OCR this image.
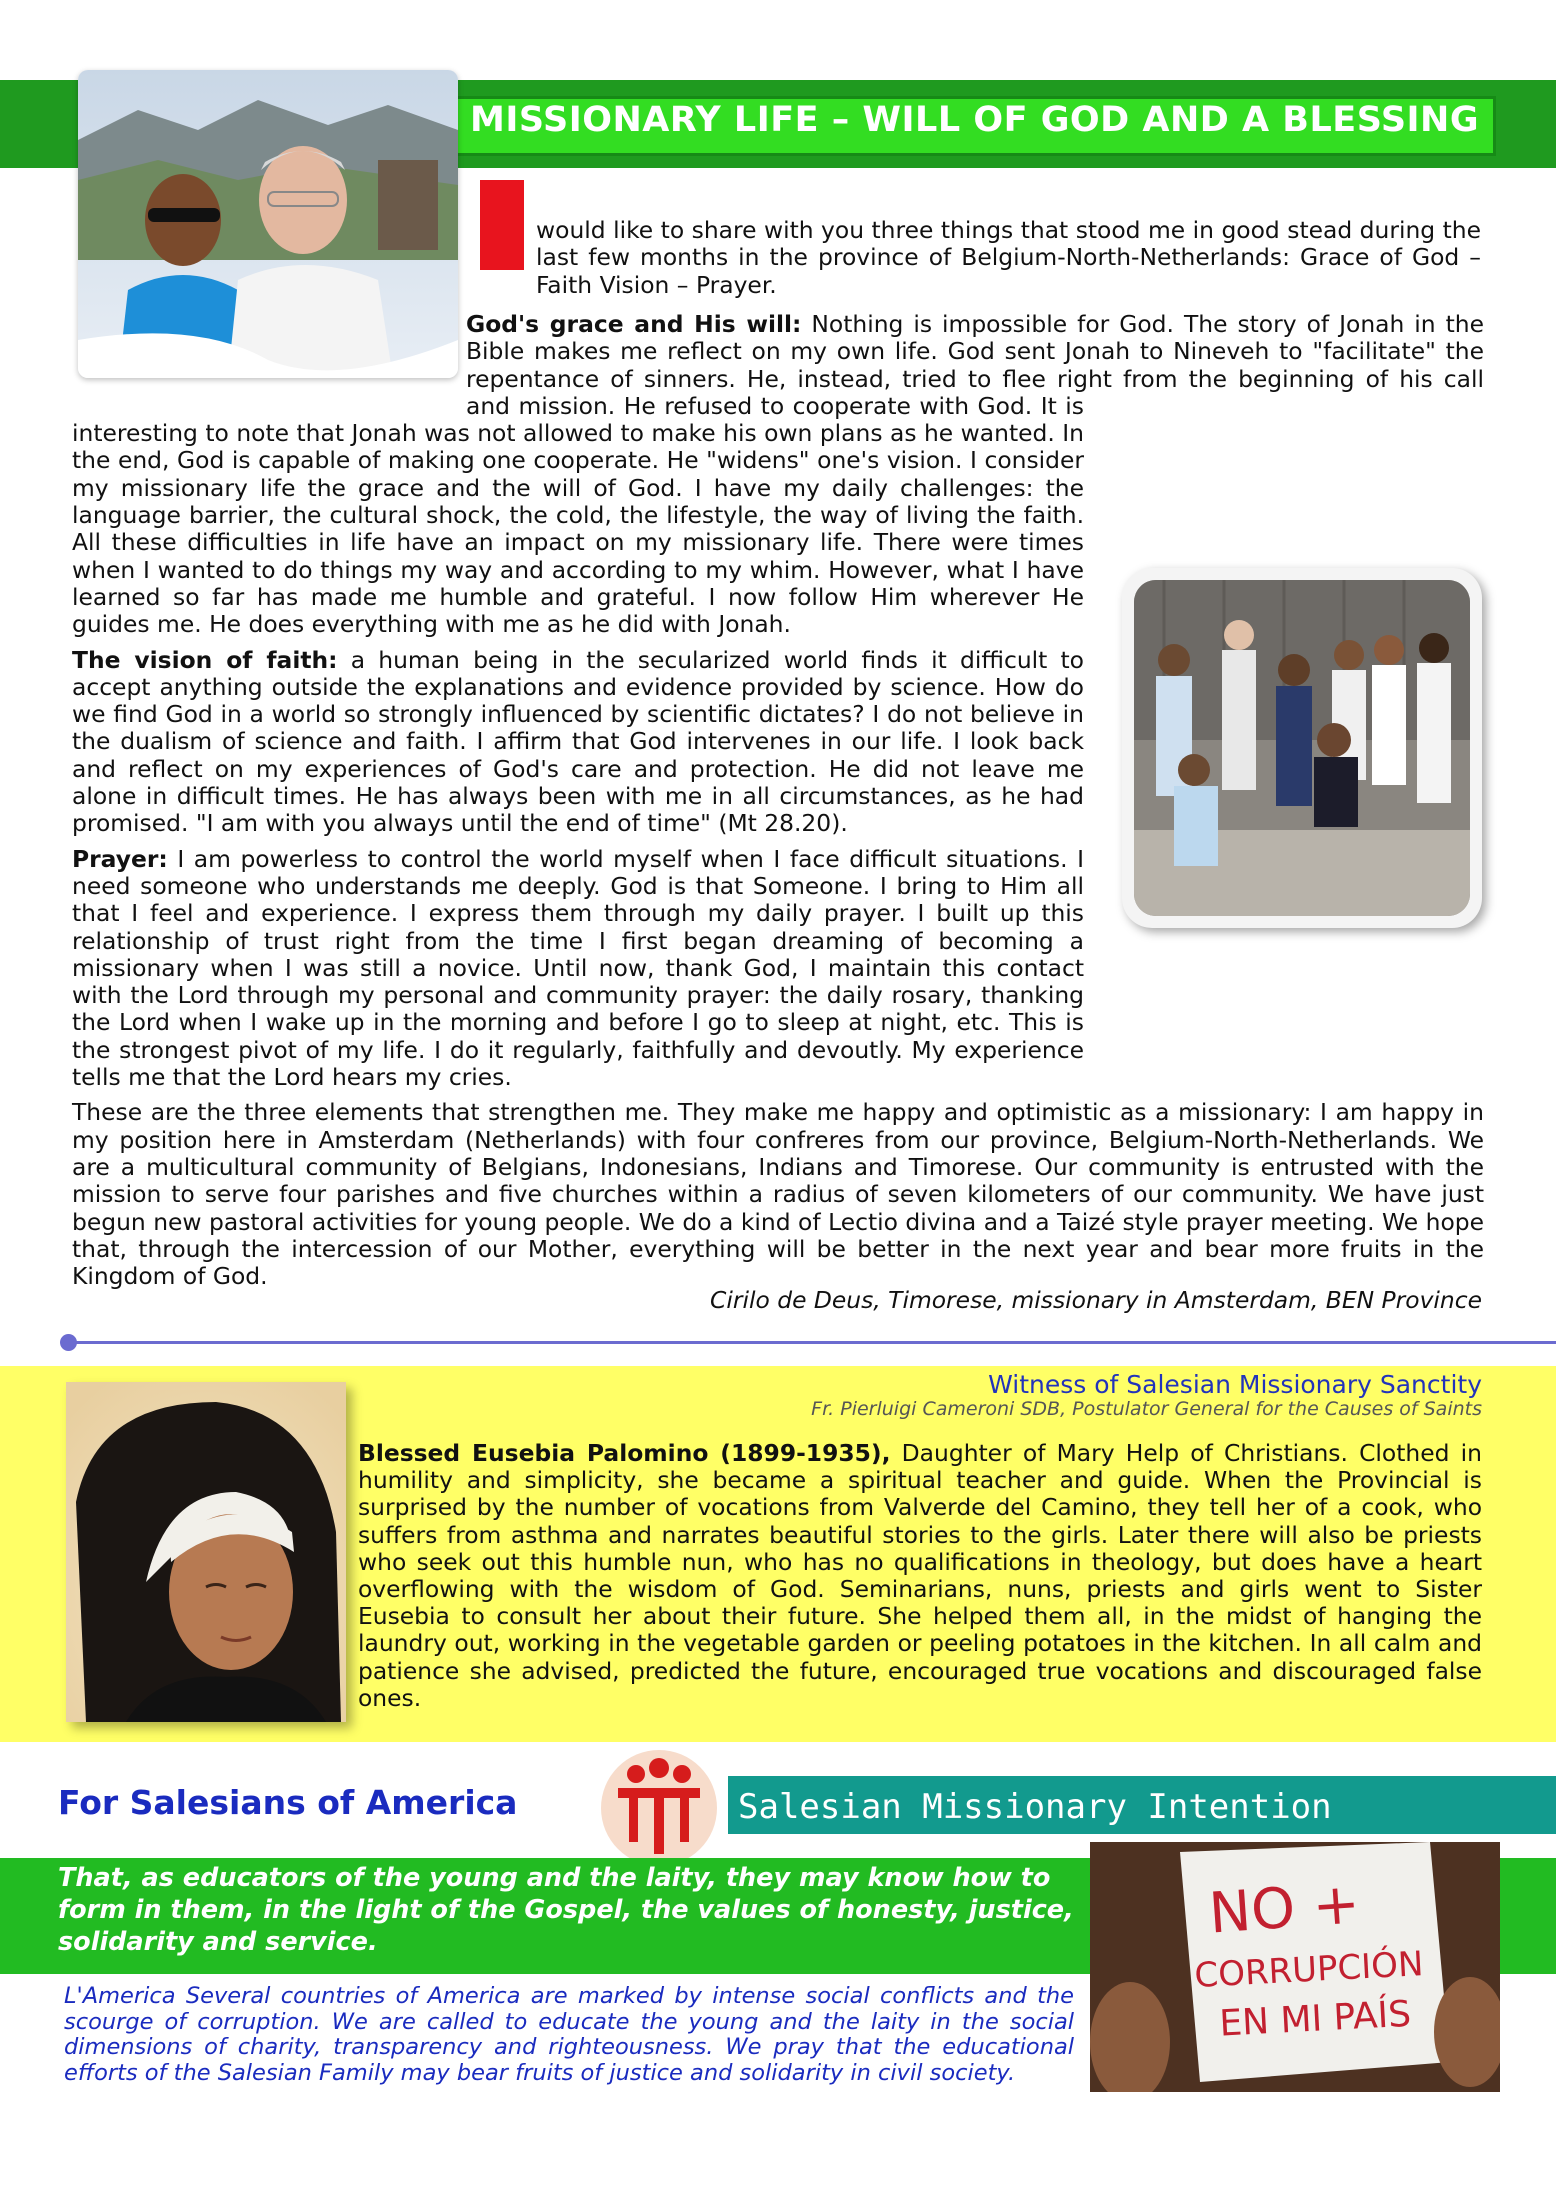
MISSIONARY LIFE – WILL OF GOD AND A BLESSING
would like to share with you three things that stood me in good stead during the last few months in the province of Belgium-North-Netherlands: Grace of God – Faith Vision – Prayer.

God's grace and His will: Nothing is impossible for God. The story of Jonah in the Bible makes me reflect on my own life. God sent Jonah to Nineveh to "facilitate" the repentance of sinners. He, instead, tried to flee right from the beginning of his call and mission. He refused to cooperate with God. It is interesting to note that Jonah was not allowed to make his own plans as he wanted. In the end, God is capable of making one cooperate. He "widens" one's vision. I consider my missionary life the grace and the will of God. I have my daily challenges: the language barrier, the cultural shock, the cold, the lifestyle, the way of living the faith. All these difficulties in life have an impact on my missionary life. There were times when I wanted to do things my way and according to my whim. However, what I have learned so far has made me humble and grateful. I now follow Him wherever He guides me. He does everything with me as he did with Jonah.

The vision of faith: a human being in the secularized world finds it difficult to accept anything outside the explanations and evidence provided by science. How do we find God in a world so strongly influenced by scientific dictates? I do not believe in the dualism of science and faith. I affirm that God intervenes in our life. I look back and reflect on my experiences of God's care and protection. He did not leave me alone in difficult times. He has always been with me in all circumstances, as he had promised. "I am with you always until the end of time" (Mt 28.20).

Prayer: I am powerless to control the world myself when I face difficult situations. I need someone who understands me deeply. God is that Someone. I bring to Him all that I feel and experience. I express them through my daily prayer. I built up this relationship of trust right from the time I first began dreaming of becoming a missionary when I was still a novice. Until now, thank God, I maintain this contact with the Lord through my personal and community prayer: the daily rosary, thanking the Lord when I wake up in the morning and before I go to sleep at night, etc. This is the strongest pivot of my life. I do it regularly, faithfully and devoutly. My experience tells me that the Lord hears my cries.

These are the three elements that strengthen me. They make me happy and optimistic as a missionary: I am happy in my position here in Amsterdam (Netherlands) with four confreres from our province, Belgium-North-Netherlands. We are a multicultural community of Belgians, Indonesians, Indians and Timorese. Our community is entrusted with the mission to serve four parishes and five churches within a radius of seven kilometers of our community. We have just begun new pastoral activities for young people. We do a kind of Lectio divina and a Taizé style prayer meeting. We hope that, through the intercession of our Mother, everything will be better in the next year and bear more fruits in the Kingdom of God.

Cirilo de Deus, Timorese, missionary in Amsterdam, BEN Province
Witness of Salesian Missionary Sanctity
Fr. Pierluigi Cameroni SDB, Postulator General for the Causes of Saints
Blessed Eusebia Palomino (1899-1935), Daughter of Mary Help of Christians. Clothed in humility and simplicity, she became a spiritual teacher and guide. When the Provincial is surprised by the number of vocations from Valverde del Camino, they tell her of a cook, who suffers from asthma and narrates beautiful stories to the girls. Later there will also be priests who seek out this humble nun, who has no qualifications in theology, but does have a heart overflowing with the wisdom of God. Seminarians, nuns, priests and girls went to Sister Eusebia to consult her about their future. She helped them all, in the midst of hanging the laundry out, working in the vegetable garden or peeling potatoes in the kitchen. In all calm and patience she advised, predicted the future, encouraged true vocations and discouraged false ones.
For Salesians of America	Salesian Missionary Intention
That, as educators of the young and the laity, they may know how to form in them, in the light of the Gospel, the values of honesty, justice, solidarity and service.	NO +
CORRUPCIÓN
EN MI PAÍS
L'America Several countries of America are marked by intense social conflicts and the scourge of corruption. We are called to educate the young and the laity in the social dimensions of charity, transparency and righteousness. We pray that the educational efforts of the Salesian Family may bear fruits of justice and solidarity in civil society.
